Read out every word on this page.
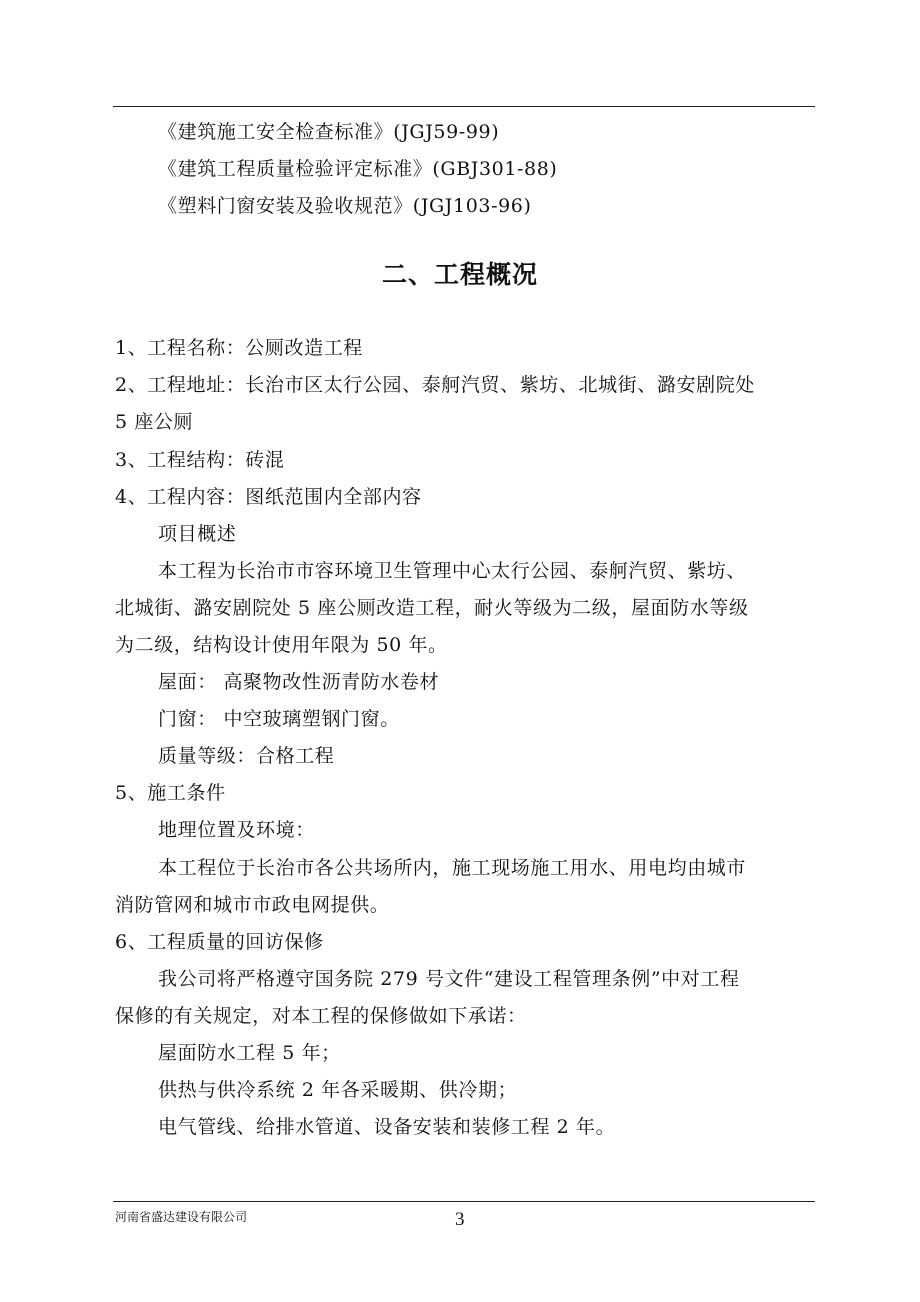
《建筑施工安全检查标准》(JGJ59-99)
《建筑工程质量检验评定标准》(GBJ301-88)
《塑料门窗安装及验收规范》(JGJ103-96)
二、工程概况
1、工程名称：公厕改造工程
2、工程地址：长治市区太行公园、泰舸汽贸、紫坊、北城街、潞安剧院处
5 座公厕
3、工程结构：砖混
4、工程内容：图纸范围内全部内容
项目概述
本工程为长治市市容环境卫生管理中心太行公园、泰舸汽贸、紫坊、
北城街、潞安剧院处 5 座公厕改造工程，耐火等级为二级，屋面防水等级
为二级，结构设计使用年限为 50 年。
屋面： 高聚物改性沥青防水卷材
门窗： 中空玻璃塑钢门窗。
质量等级：合格工程
5、施工条件
地理位置及环境：
本工程位于长治市各公共场所内，施工现场施工用水、用电均由城市
消防管网和城市市政电网提供。
6、工程质量的回访保修
我公司将严格遵守国务院 279 号文件“建设工程管理条例”中对工程
保修的有关规定，对本工程的保修做如下承诺：
屋面防水工程 5 年；
供热与供冷系统 2 年各采暖期、供冷期；
电气管线、给排水管道、设备安装和装修工程 2 年。
河南省盛达建设有限公司	3
